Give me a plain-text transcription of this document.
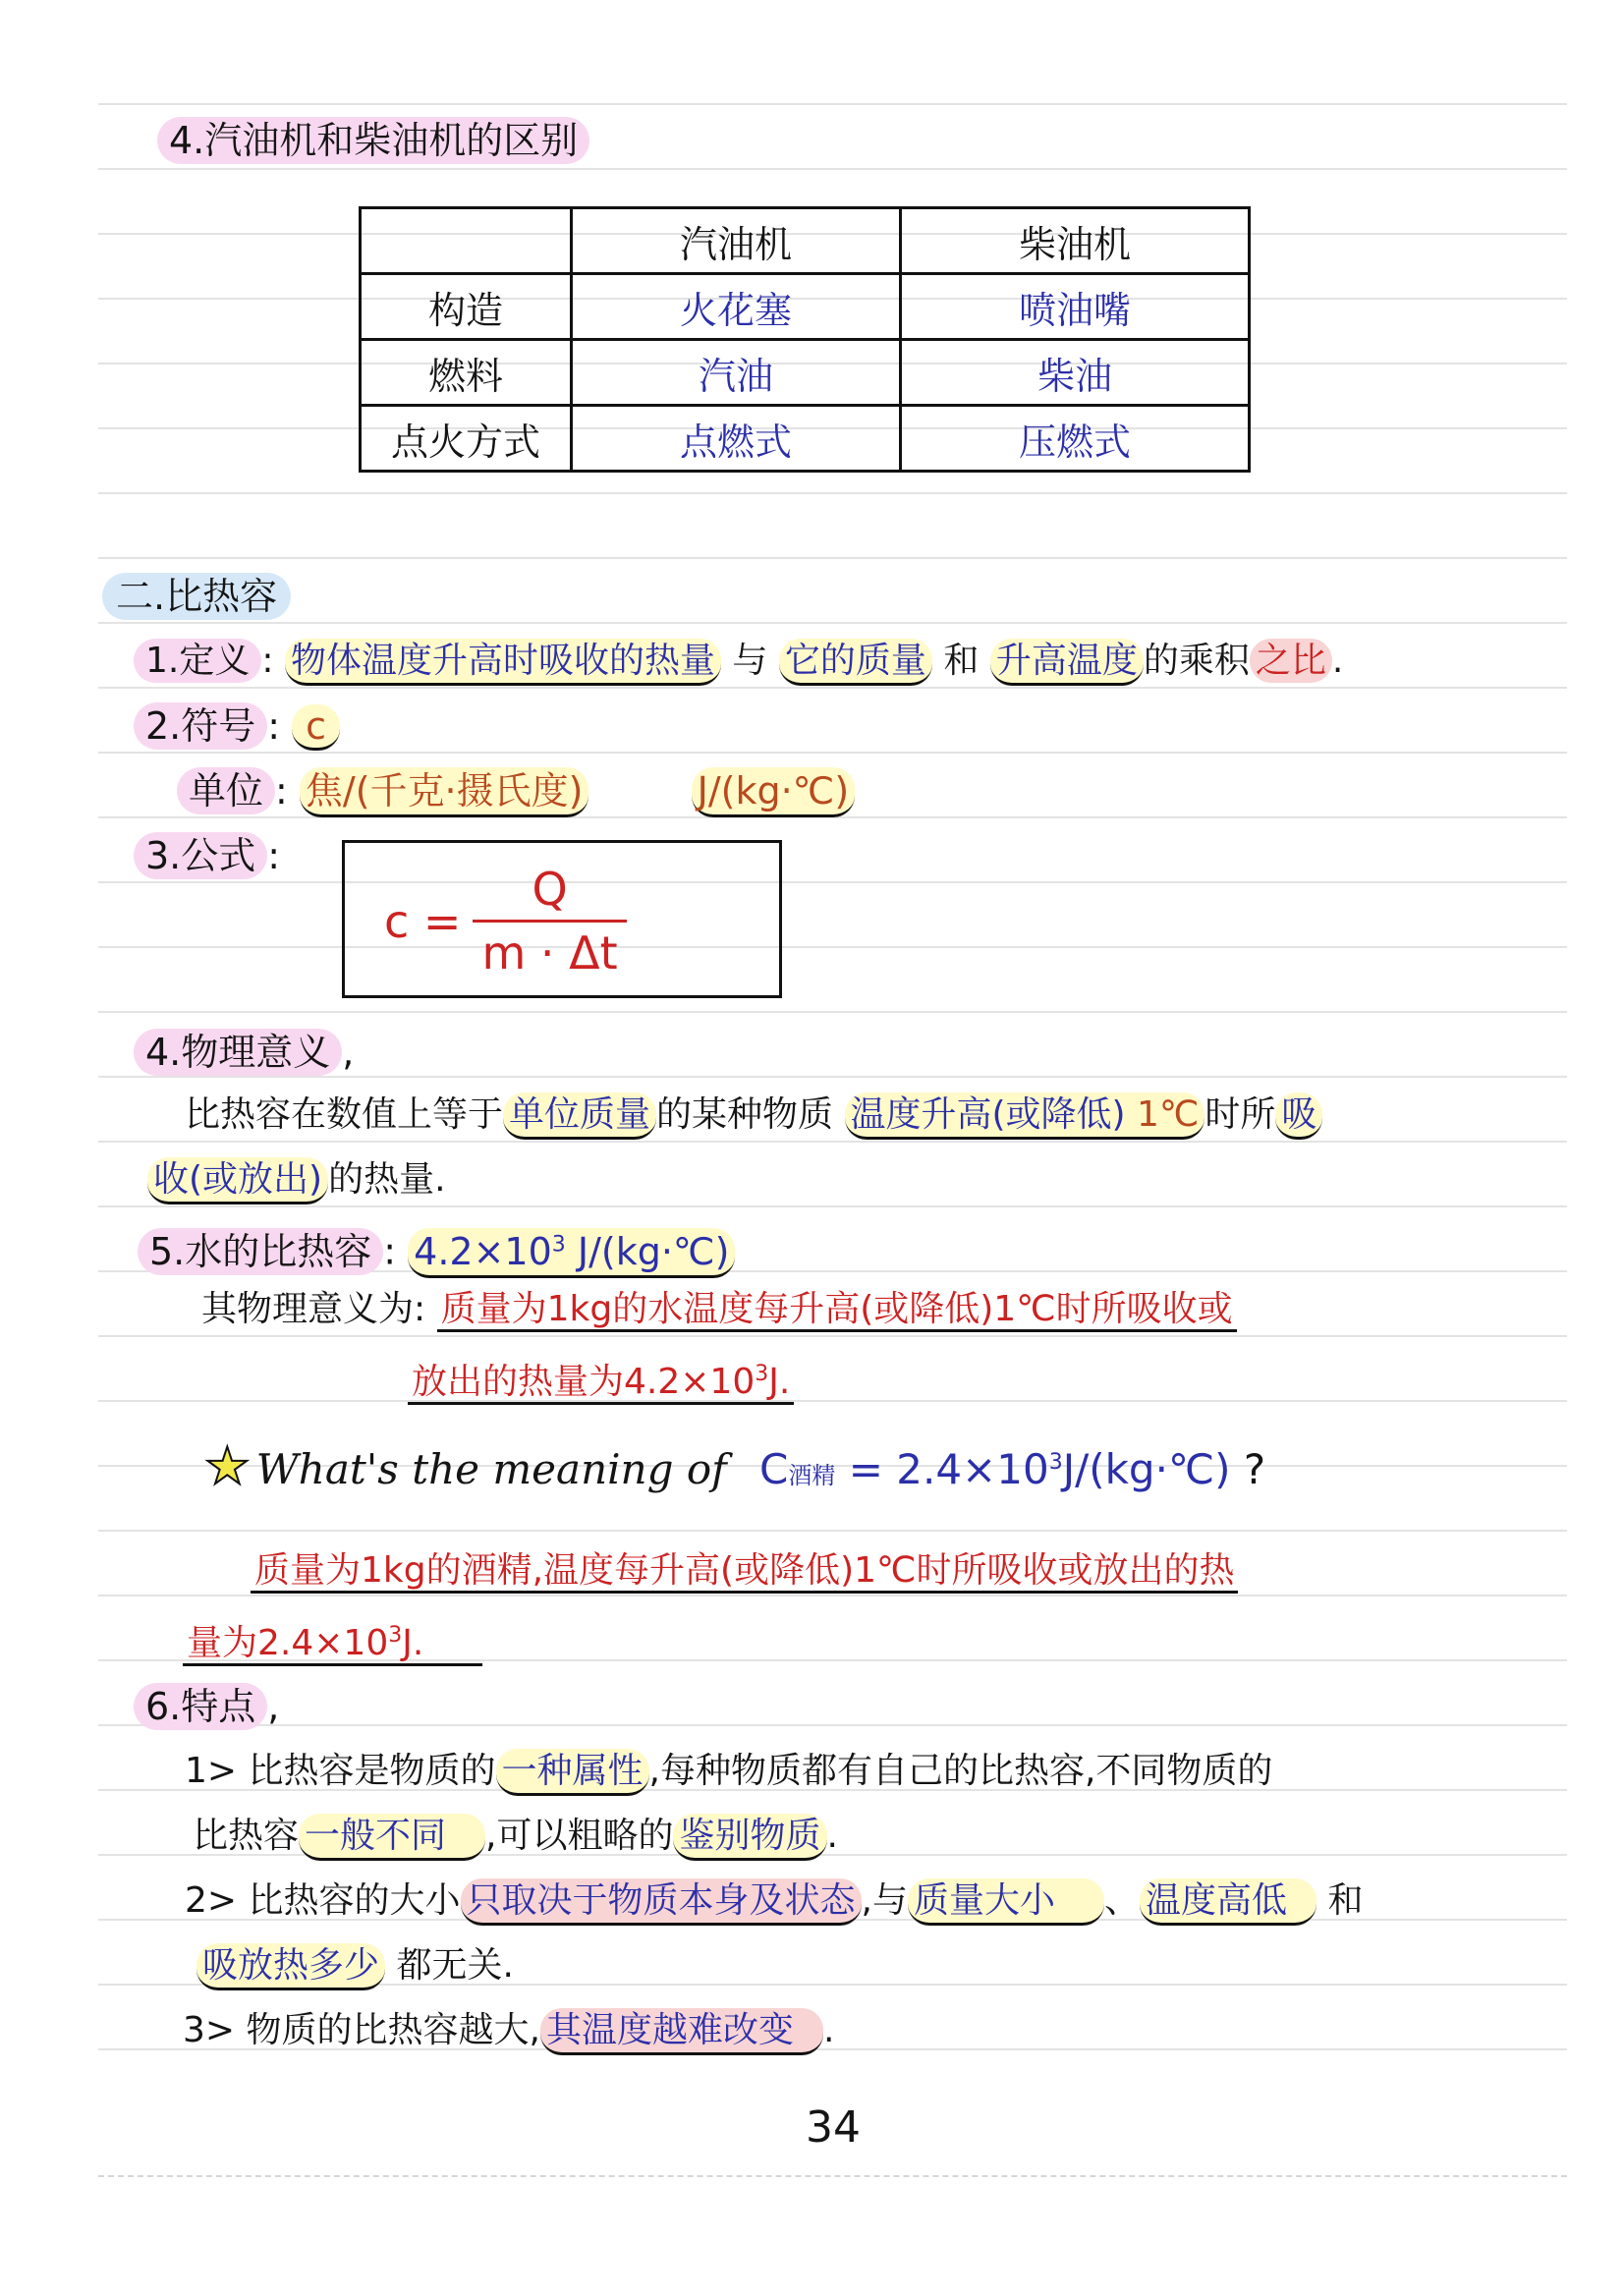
4.汽油机和柴油机的区别
	汽油机	柴油机
构造	火花塞	喷油嘴
燃料	汽油	柴油
点火方式	点燃式	压燃式
二.比热容
1.定义 : 物体温度升高时吸收的热量 与 它的质量 和 升高温度 的乘积 之比 .
2.符号 : c
单位 : 焦/(千克·摄氏度)	J/(kg·℃)
3.公式 :
$c = \frac{Q}{m \cdot \Delta t}$
4.物理意义 ,
比热容在数值上等于 单位质量 的某种物质 温度升高(或降低) 1℃ 时所 吸
收(或放出) 的热量.
5.水的比热容 : $4.2\times 10^3$ J/(kg·℃)
其物理意义为: 质量为1kg的水温度每升高(或降低)1℃时所吸收或
放出的热量为$4.2\times 10^3J$.
★ What's the meaning of C酒精 = $2.4\times 10^3J/(kg\cdot℃)$ ?
质量为1kg的酒精,温度每升高(或降低)1℃时所吸收或放出的热
量为$2.4\times 10^3J$.
6.特点 ,
1> 比热容是物质的 一种属性 ,每种物质都有自己的比热容,不同物质的
比热容 一般不同 ,可以粗略的 鉴别物质 .
2> 比热容的大小 只取决于物质本身及状态 ,与 质量大小 、 温度高低 和
吸放热多少 都无关.
3> 物质的比热容越大, 其温度越难改变 .
34
